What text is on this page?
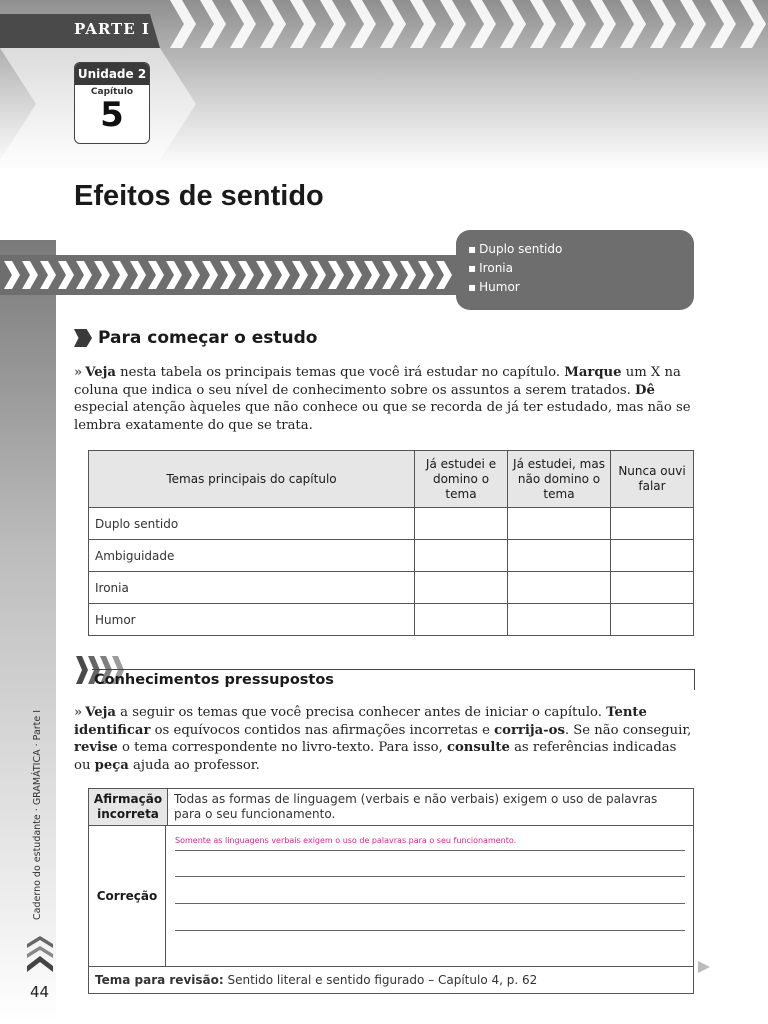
PARTE I
Unidade 2
Capítulo
5
Efeitos de sentido
▪ Duplo sentido
▪ Ironia
▪ Humor
Para começar o estudo
» Veja nesta tabela os principais temas que você irá estudar no capítulo. Marque um X na coluna que indica o seu nível de conhecimento sobre os assuntos a serem tratados. Dê especial atenção àqueles que não conhece ou que se recorda de já ter estudado, mas não se lembra exatamente do que se trata.
Temas principais do capítulo	Já estudei e domino o tema	Já estudei, mas não domino o tema	Nunca ouvi falar
Duplo sentido			
Ambiguidade			
Ironia			
Humor			
Conhecimentos pressupostos
» Veja a seguir os temas que você precisa conhecer antes de iniciar o capítulo. Tente identificar os equívocos contidos nas afirmações incorretas e corrija-os. Se não conseguir, revise o tema correspondente no livro-texto. Para isso, consulte as referências indicadas ou peça ajuda ao professor.
Afirmação incorreta	Todas as formas de linguagem (verbais e não verbais) exigem o uso de palavras para o seu funcionamento.

Correção
Somente as linguagens verbais exigem o uso de palavras para o seu funcionamento.

Tema para revisão: Sentido literal e sentido figurado – Capítulo 4, p. 62
Caderno do estudante · GRAMÁTICA · Parte I
44
